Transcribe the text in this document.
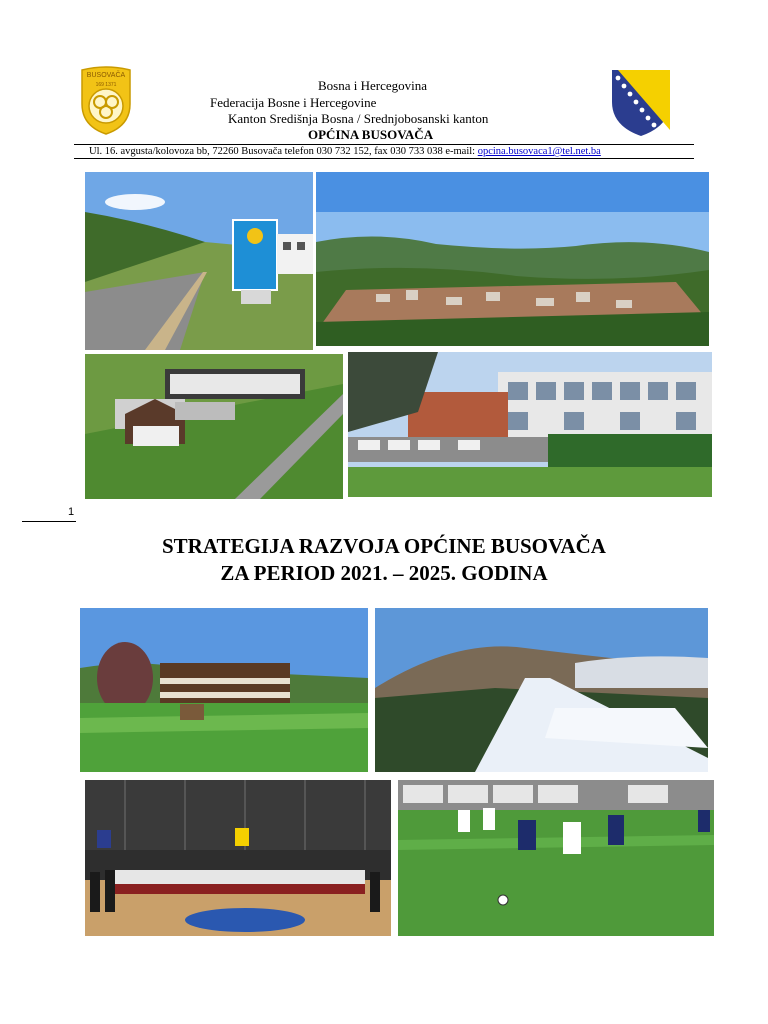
BUSOVAČA
169 1371	Bosna i Hercegovina
Federacija Bosne i Hercegovine
Kanton Središnja Bosna / Srednjobosanski kanton
OPĆINA BUSOVAČA
Ul. 16. avgusta/kolovoza bb, 72260 Busovača telefon 030 732 152, fax 030 733 038 e-mail: opcina.busovaca1@tel.net.ba
1
STRATEGIJA RAZVOJA OPĆINE BUSOVAČA
ZA PERIOD 2021. – 2025. GODINA
